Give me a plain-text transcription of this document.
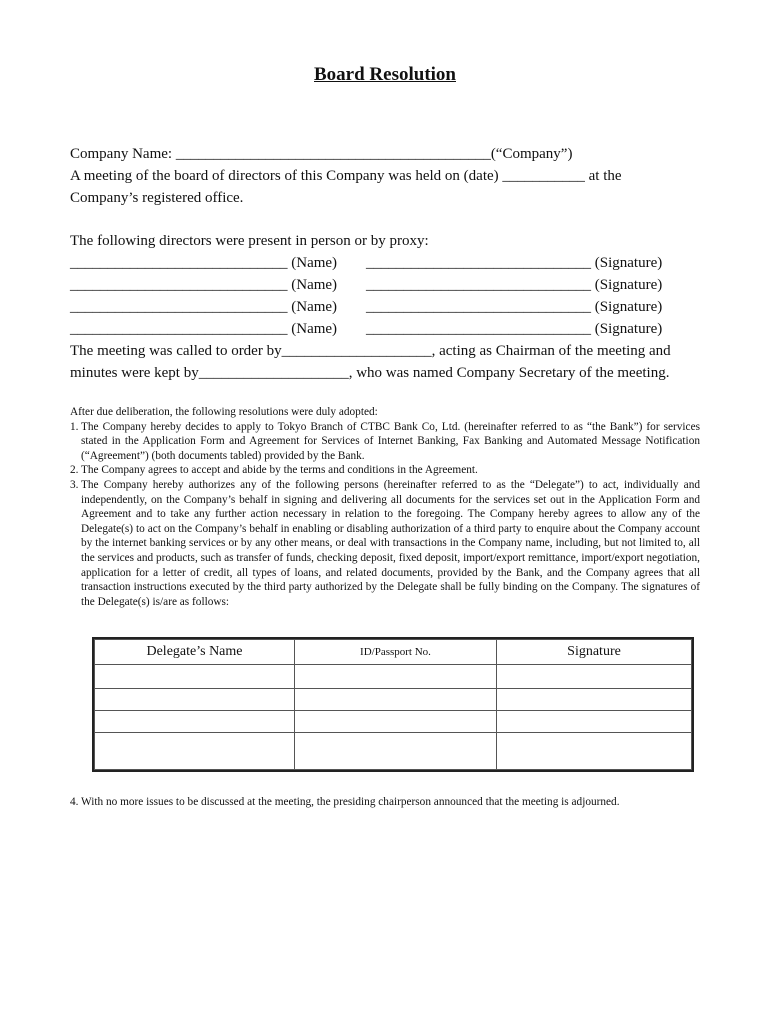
Board Resolution
Company Name: __________________________________________(“Company”)
A meeting of the board of directors of this Company was held on (date) ___________ at the
Company’s registered office.
The following directors were present in person or by proxy:
_____________________________ (Name) ______________________________ (Signature)
_____________________________ (Name) ______________________________ (Signature)
_____________________________ (Name) ______________________________ (Signature)
_____________________________ (Name) ______________________________ (Signature)
The meeting was called to order by____________________, acting as Chairman of the meeting and
minutes were kept by____________________, who was named Company Secretary of the meeting.
After due deliberation, the following resolutions were duly adopted:
1. The Company hereby decides to apply to Tokyo Branch of CTBC Bank Co, Ltd. (hereinafter referred to as “the Bank”) for services stated in the Application Form and Agreement for Services of Internet Banking, Fax Banking and Automated Message Notification (“Agreement”) (both documents tabled) provided by the Bank.

2. The Company agrees to accept and abide by the terms and conditions in the Agreement.

3. The Company hereby authorizes any of the following persons (hereinafter referred to as the “Delegate”) to act, individually and independently, on the Company’s behalf in signing and delivering all documents for the services set out in the Application Form and Agreement and to take any further action necessary in relation to the foregoing. The Company hereby agrees to allow any of the Delegate(s) to act on the Company’s behalf in enabling or disabling authorization of a third party to enquire about the Company account by the internet banking services or by any other means, or deal with transactions in the Company name, including, but not limited to, all the services and products, such as transfer of funds, checking deposit, fixed deposit, import/export remittance, import/export negotiation, application for a letter of credit, all types of loans, and related documents, provided by the Bank, and the Company agrees that all transaction instructions executed by the third party authorized by the Delegate shall be fully binding on the Company. The signatures of the Delegate(s) is/are as follows:

Delegate’s Name	ID/Passport No.	Signature

4. With no more issues to be discussed at the meeting, the presiding chairperson announced that the meeting is adjourned.
